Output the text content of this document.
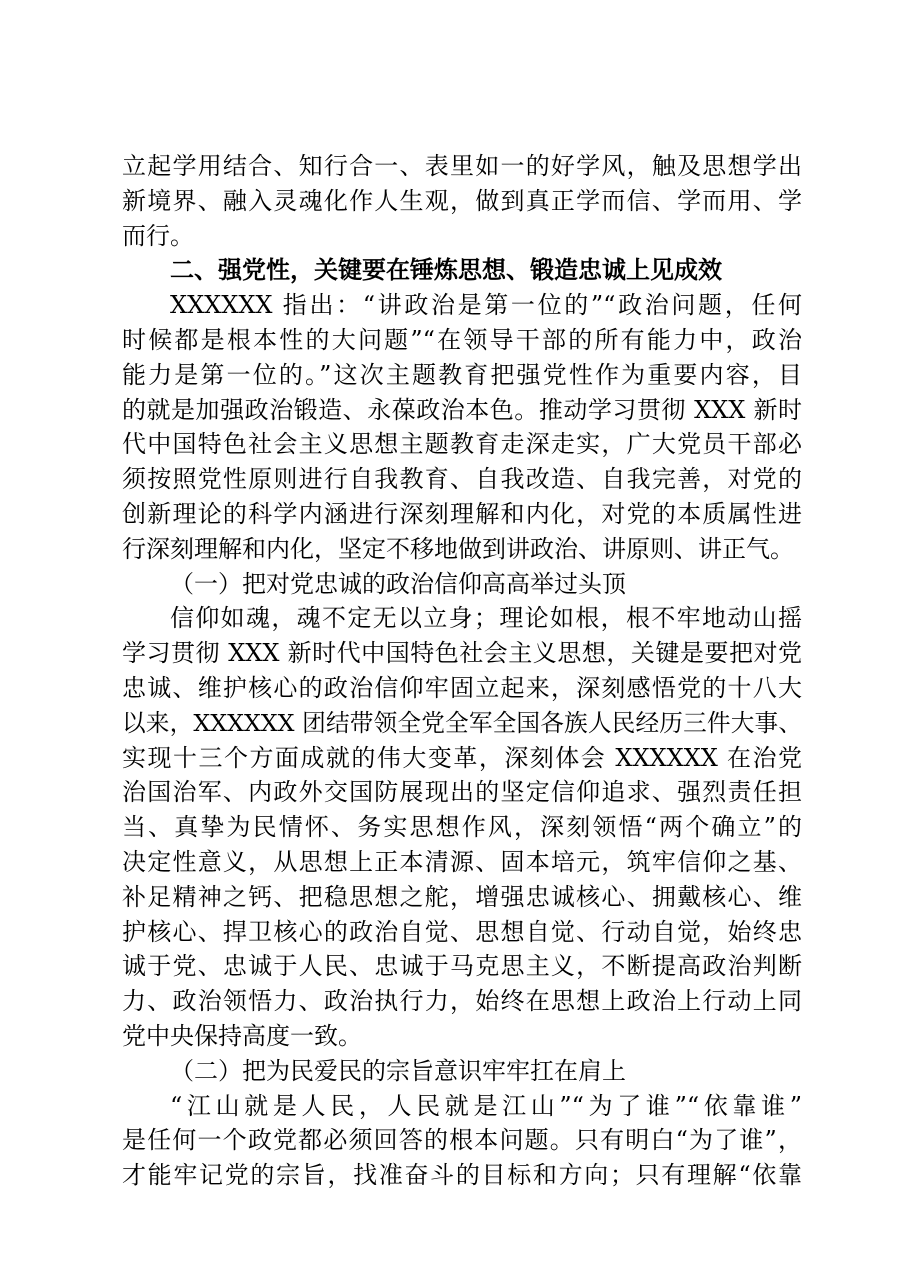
立起学用结合、知行合一、表里如一的好学风，触及思想学出
新境界、融入灵魂化作人生观，做到真正学而信、学而用、学
而行。
二、强党性，关键要在锤炼思想、锻造忠诚上见成效
XXXXXX 指出：“讲政治是第一位的”“政治问题，任何
时候都是根本性的大问题”“在领导干部的所有能力中，政治
能力是第一位的。”这次主题教育把强党性作为重要内容，目
的就是加强政治锻造、永葆政治本色。推动学习贯彻 XXX 新时
代中国特色社会主义思想主题教育走深走实，广大党员干部必
须按照党性原则进行自我教育、自我改造、自我完善，对党的
创新理论的科学内涵进行深刻理解和内化，对党的本质属性进
行深刻理解和内化，坚定不移地做到讲政治、讲原则、讲正气。
（一）把对党忠诚的政治信仰高高举过头顶
信仰如魂，魂不定无以立身；理论如根，根不牢地动山摇
学习贯彻 XXX 新时代中国特色社会主义思想，关键是要把对党
忠诚、维护核心的政治信仰牢固立起来，深刻感悟党的十八大
以来，XXXXXX 团结带领全党全军全国各族人民经历三件大事、
实现十三个方面成就的伟大变革，深刻体会 XXXXXX 在治党
治国治军、内政外交国防展现出的坚定信仰追求、强烈责任担
当、真挚为民情怀、务实思想作风，深刻领悟“两个确立”的
决定性意义，从思想上正本清源、固本培元，筑牢信仰之基、
补足精神之钙、把稳思想之舵，增强忠诚核心、拥戴核心、维
护核心、捍卫核心的政治自觉、思想自觉、行动自觉，始终忠
诚于党、忠诚于人民、忠诚于马克思主义，不断提高政治判断
力、政治领悟力、政治执行力，始终在思想上政治上行动上同
党中央保持高度一致。
（二）把为民爱民的宗旨意识牢牢扛在肩上
“江山就是人民，人民就是江山”“为了谁”“依靠谁”
是任何一个政党都必须回答的根本问题。只有明白“为了谁”，
才能牢记党的宗旨，找准奋斗的目标和方向；只有理解“依靠
